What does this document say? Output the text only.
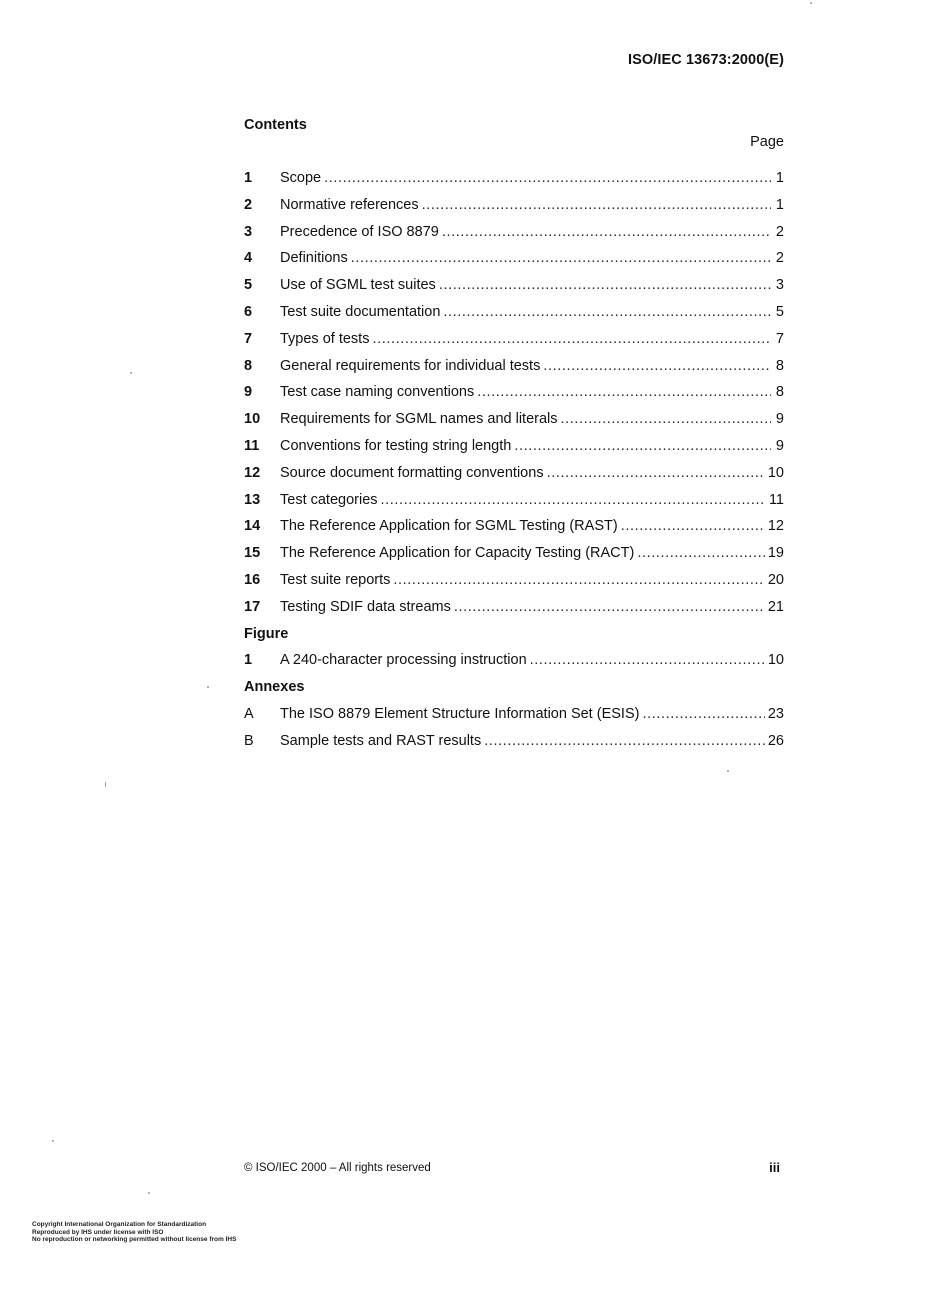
ISO/IEC 13673:2000(E)
Contents
Page
1	Scope .....	1
2	Normative references .....	1
3	Precedence of ISO 8879 .....	2
4	Definitions .....	2
5	Use of SGML test suites .....	3
6	Test suite documentation .....	5
7	Types of tests .....	7
8	General requirements for individual tests .....	8
9	Test case naming conventions .....	8
10	Requirements for SGML names and literals .....	9
11	Conventions for testing string length .....	9
12	Source document formatting conventions .....	10
13	Test categories .....	11
14	The Reference Application for SGML Testing (RAST) .....	12
15	The Reference Application for Capacity Testing (RACT) .....	19
16	Test suite reports .....	20
17	Testing SDIF data streams .....	21
Figure
1	A 240-character processing instruction .....	10
Annexes
A	The ISO 8879 Element Structure Information Set (ESIS) .....	23
B	Sample tests and RAST results .....	26
© ISO/IEC 2000 – All rights reserved	iii
Copyright International Organization for Standardization
Reproduced by IHS under license with ISO
No reproduction or networking permitted without license from IHS
